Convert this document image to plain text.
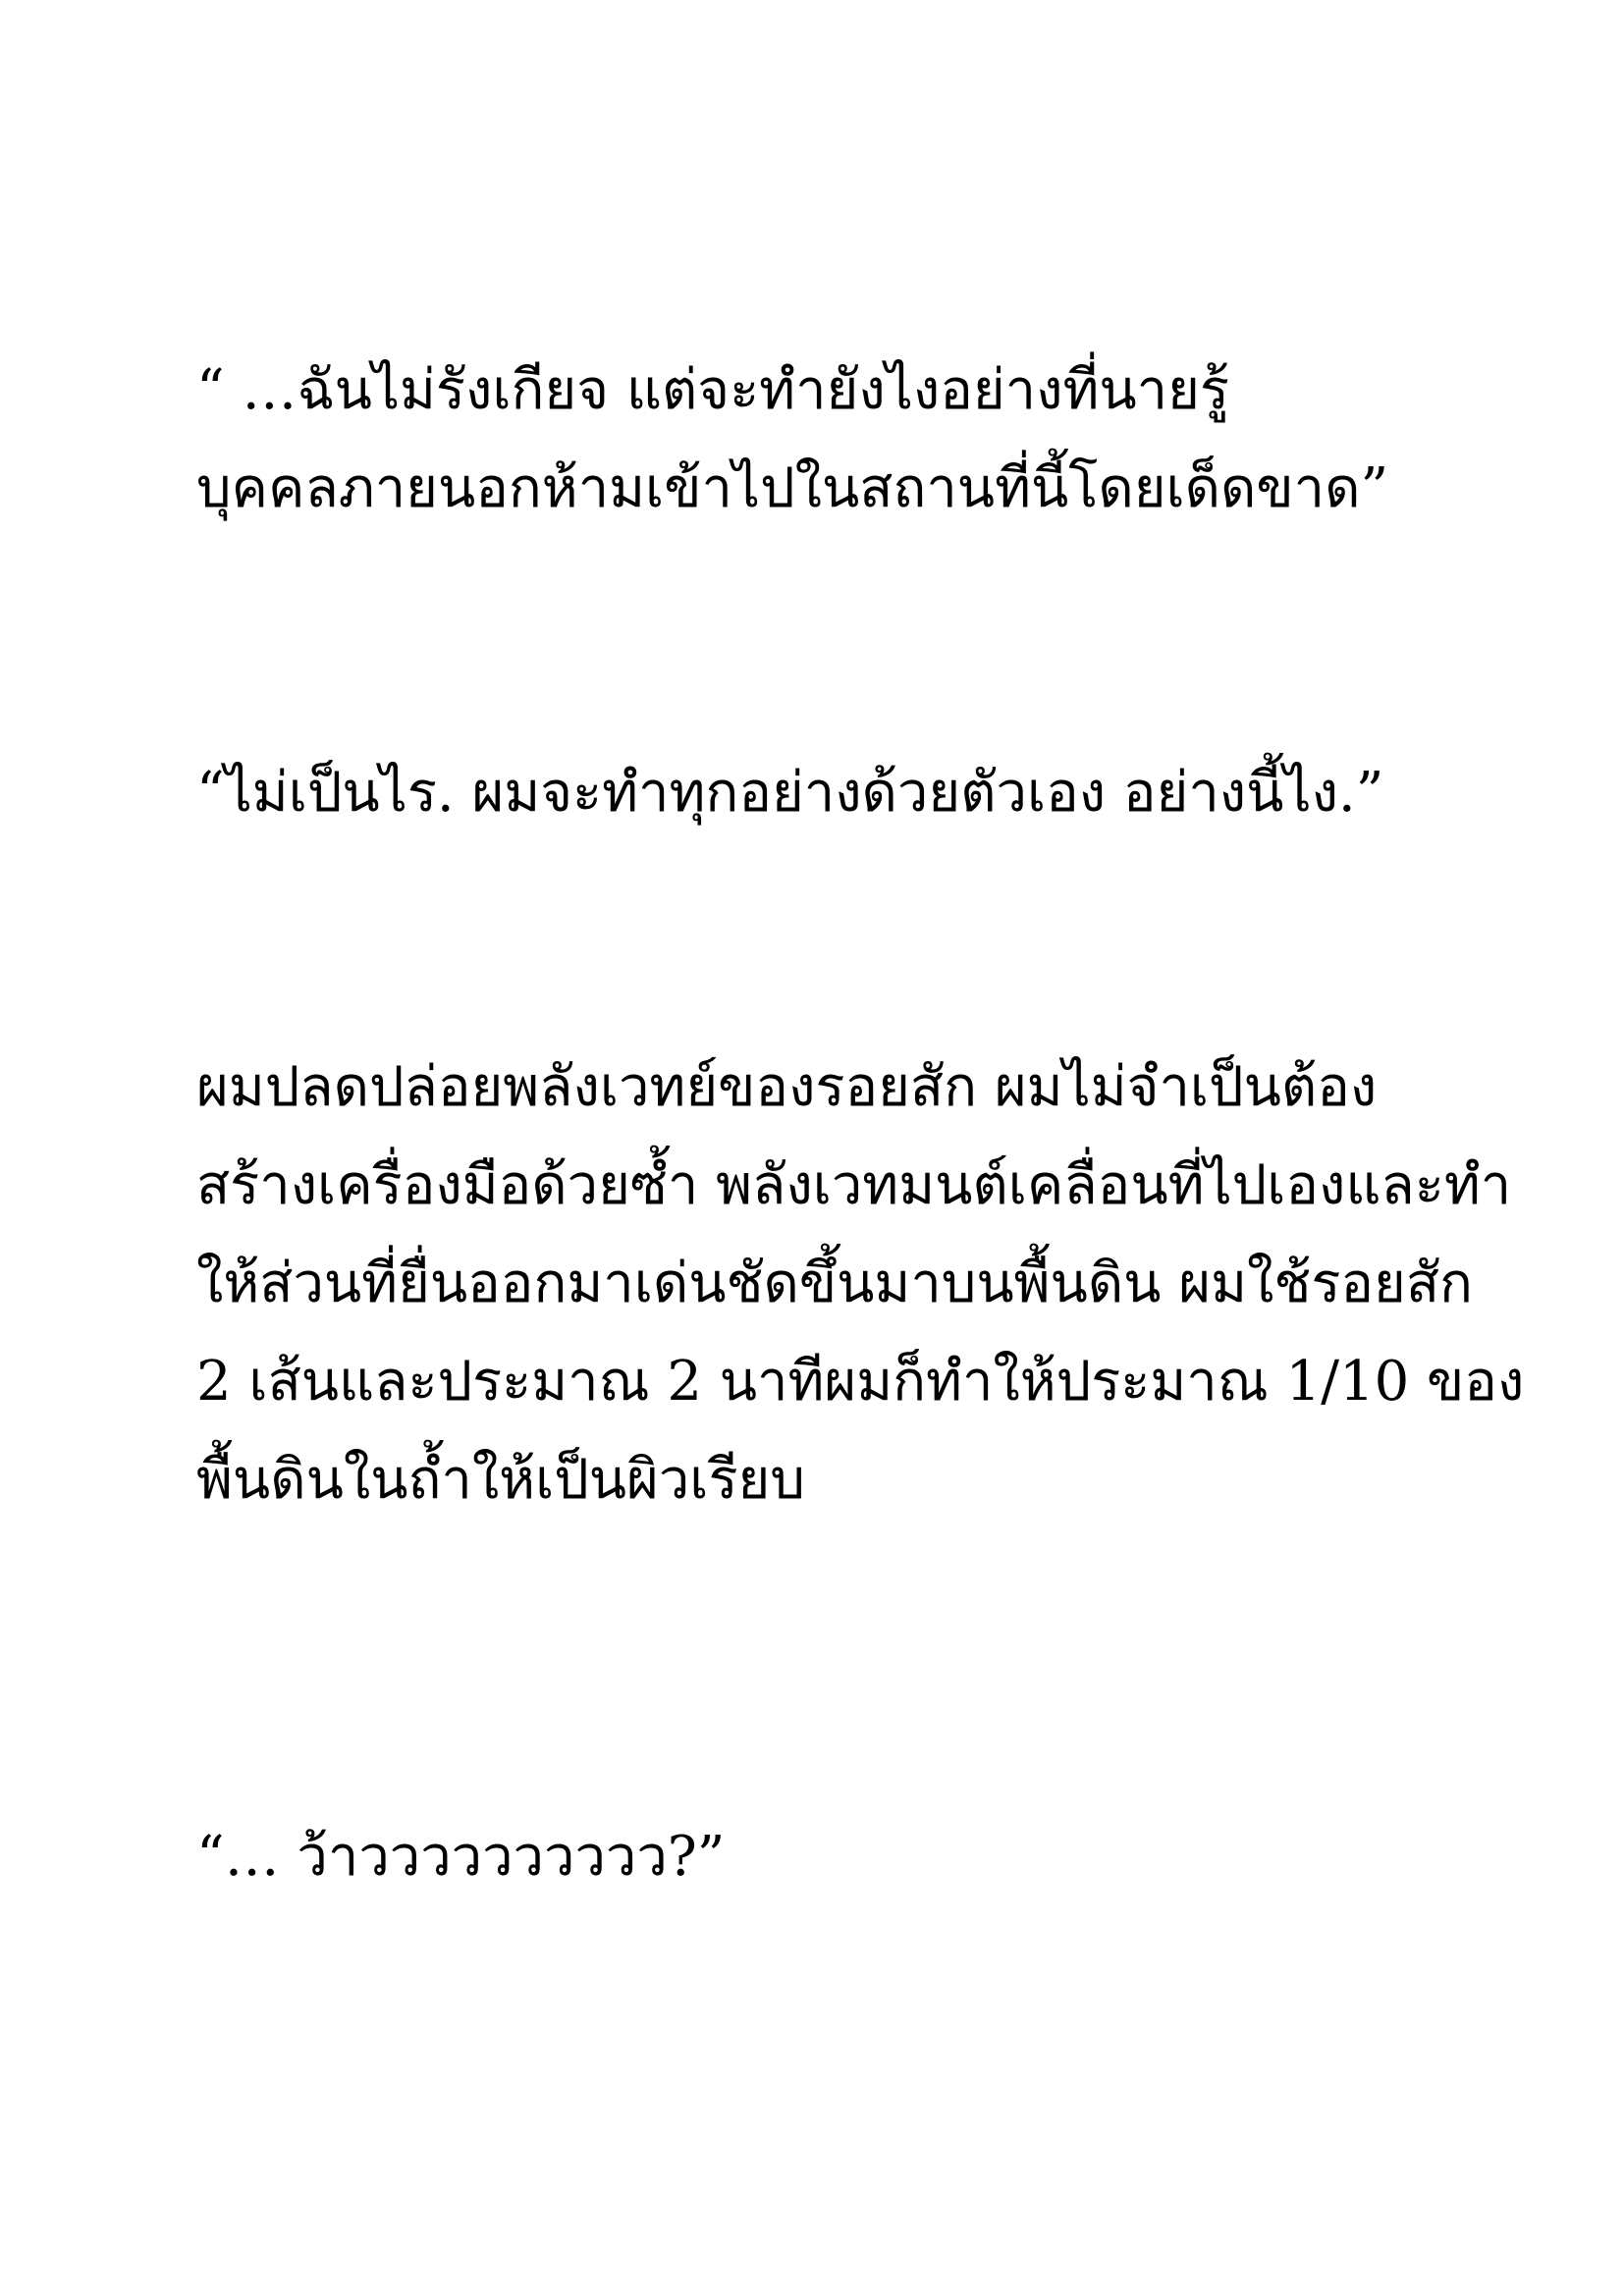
“ …ฉันไม่รังเกียจ แต่จะทำยังไงอย่างที่นายรู้

บุคคลภายนอกห้ามเข้าไปในสถานที่นี้โดยเด็ดขาด”

“ไม่เป็นไร. ผมจะทำทุกอย่างด้วยตัวเอง อย่างนี้ไง.”

ผมปลดปล่อยพลังเวทย์ของรอยสัก ผมไม่จำเป็นต้อง

สร้างเครื่องมือด้วยซ้ำ พลังเวทมนต์เคลื่อนที่ไปเองและทำ

ให้ส่วนที่ยื่นออกมาเด่นชัดขึ้นมาบนพื้นดิน ผมใช้รอยสัก

2 เส้นและประมาณ 2 นาทีผมก็ทำให้ประมาณ 1/10 ของ

พื้นดินในถ้ำให้เป็นผิวเรียบ

“… ว้าวววววววววว?”
